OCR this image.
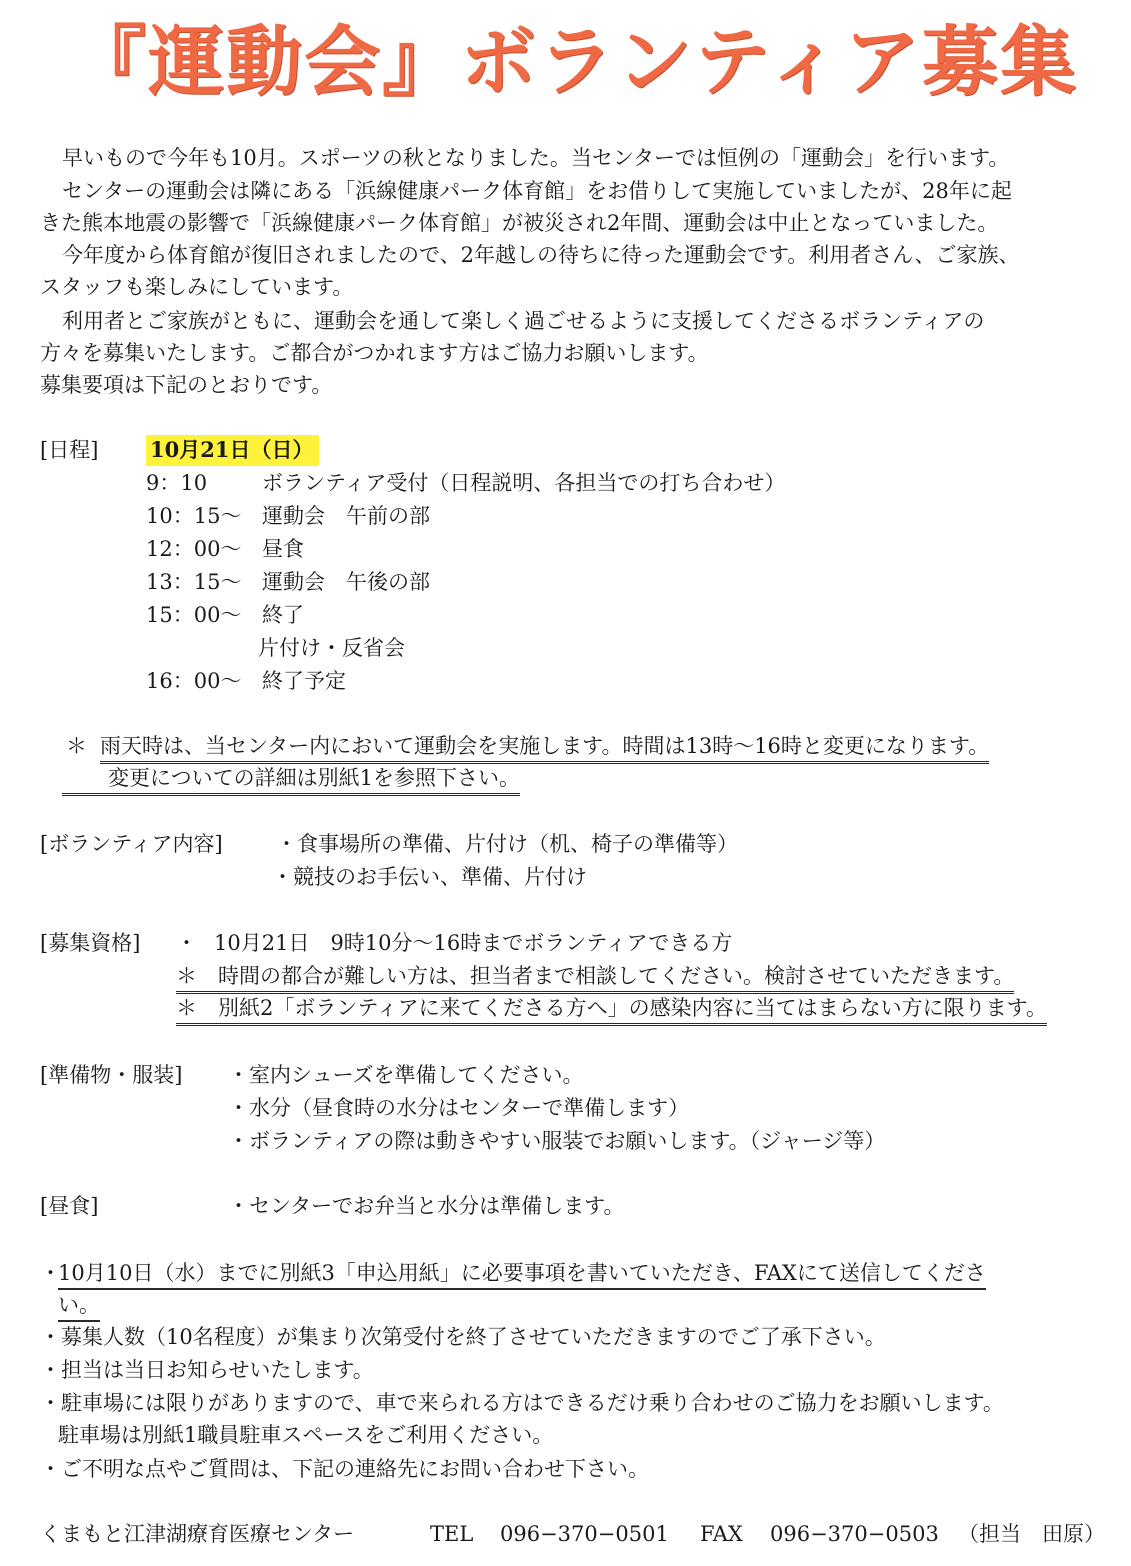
『運動会』ボランティア募集
早いもので今年も10月。スポーツの秋となりました。当センターでは恒例の「運動会」を行います。
センターの運動会は隣にある「浜線健康パーク体育館」をお借りして実施していましたが、28年に起
きた熊本地震の影響で「浜線健康パーク体育館」が被災され2年間、運動会は中止となっていました。
今年度から体育館が復旧されましたので、2年越しの待ちに待った運動会です。利用者さん、ご家族、
スタッフも楽しみにしています。
利用者とご家族がともに、運動会を通して楽しく過ごせるように支援してくださるボランティアの
方々を募集いたします。ご都合がつかれます方はご協力お願いします。
募集要項は下記のとおりです。
[日程] 10月21日（日）
9：10	ボランティア受付（日程説明、各担当での打ち合わせ）
10：15〜 運動会　午前の部
12：00〜 昼食
13：15〜 運動会　午後の部
15：00〜 終了
片付け・反省会
16：00〜 終了予定
＊ 雨天時は、当センター内において運動会を実施します。時間は13時〜16時と変更になります。
変更についての詳細は別紙1を参照下さい。
[ボランティア内容]	・食事場所の準備、片付け（机、椅子の準備等）
・競技のお手伝い、準備、片付け
[募集資格] ・ 10月21日　9時10分〜16時までボランティアできる方
＊　時間の都合が難しい方は、担当者まで相談してください。検討させていただきます。
＊　別紙2「ボランティアに来てくださる方へ」の感染内容に当てはまらない方に限ります。
[準備物・服装] ・室内シューズを準備してください。
・水分（昼食時の水分はセンターで準備します）
・ボランティアの際は動きやすい服装でお願いします。（ジャージ等）
[昼食]	・センターでお弁当と水分は準備します。
・
10月10日（水）までに別紙3「申込用紙」に必要事項を書いていただき、FAXにて送信してくださ
い。
・募集人数（10名程度）が集まり次第受付を終了させていただきますのでご了承下さい。
・担当は当日お知らせいたします。
・駐車場には限りがありますので、車で来られる方はできるだけ乗り合わせのご協力をお願いします。
駐車場は別紙1職員駐車スペースをご利用ください。
・ご不明な点やご質問は、下記の連絡先にお問い合わせ下さい。
くまもと江津湖療育医療センター	TEL 096−370−0501 FAX 096−370−0503 （担当　田原）
